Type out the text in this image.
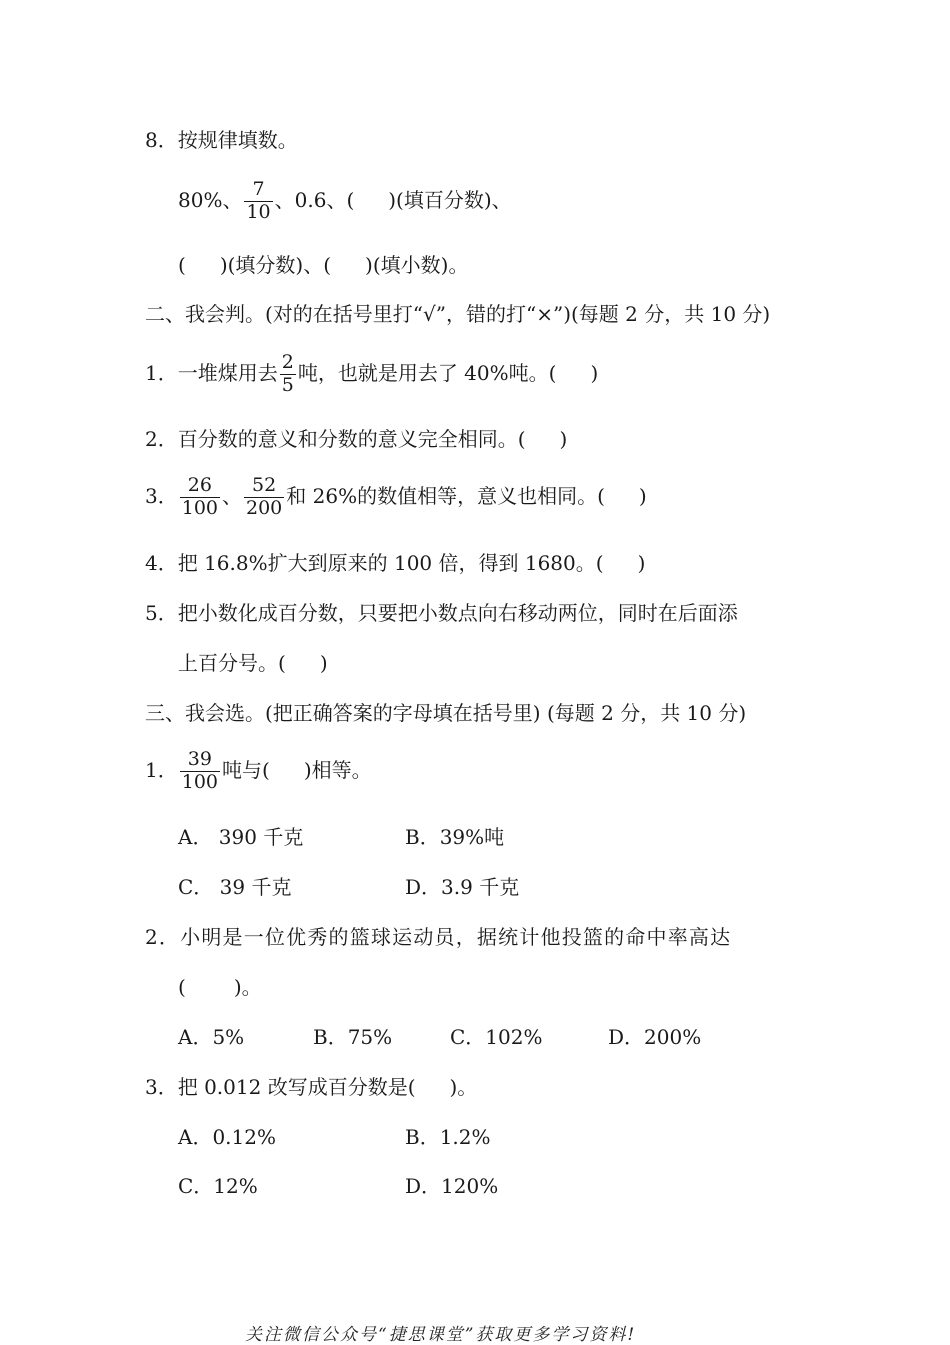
8．按规律填数。
80%、 $\frac{7}{10}$ 、0.6、( )(填百分数)、
( )(填分数)、( )(填小数)。
二、我会判。(对的在括号里打“√”，错的打“×”)(每题 2 分，共 10 分)
1．一堆煤用去 $\frac{2}{5}$ 吨，也就是用去了 40%吨。( )
2．百分数的意义和分数的意义完全相同。( )
3． $\frac{26}{100}$ 、 $\frac{52}{200}$ 和 26%的数值相等，意义也相同。( )
4．把 16.8%扩大到原来的 100 倍，得到 1680。( )
5．把小数化成百分数，只要把小数点向右移动两位，同时在后面添
上百分号。( )
三、我会选。(把正确答案的字母填在括号里) (每题 2 分，共 10 分)
1． $\frac{39}{100}$ 吨与( )相等。
A． 390 千克	B．39%吨
C． 39 千克	D．3.9 千克
2．小明是一位优秀的篮球运动员，据统计他投篮的命中率高达
( )。
A．5%	B．75%	C．102%	D．200%
3．把 0.012 改写成百分数是( )。
A．0.12%	B．1.2%
C．12%	D．120%
关注微信公众号“捷思课堂”获取更多学习资料!
